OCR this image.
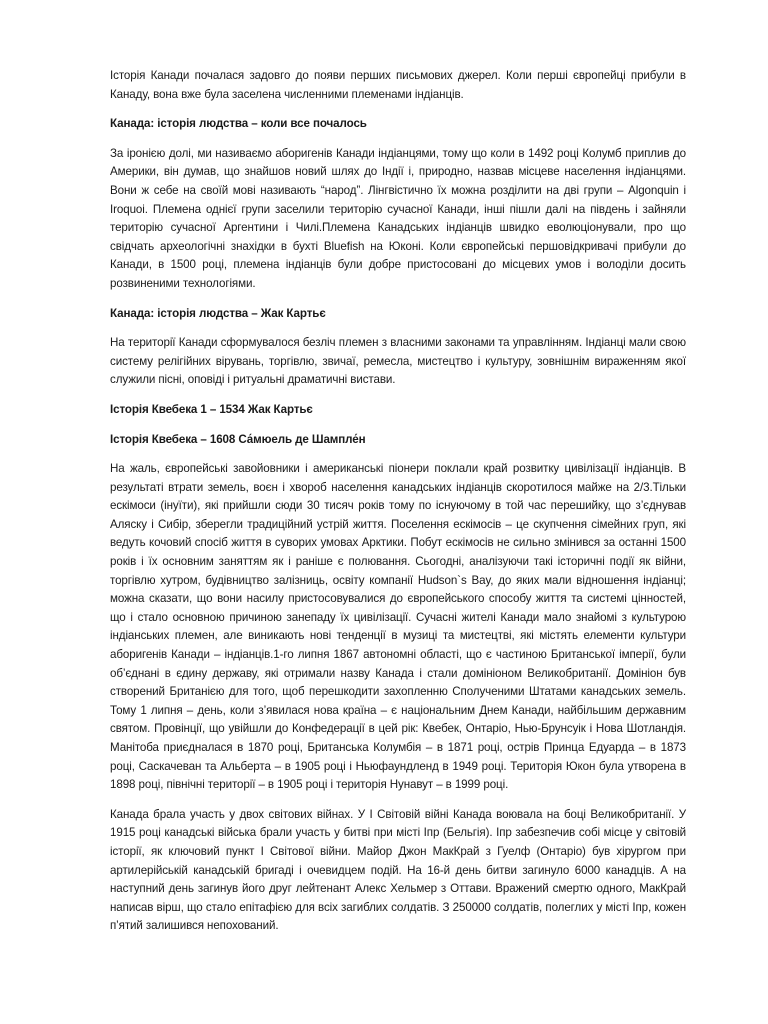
Історія Канади почалася задовго до появи перших письмових джерел. Коли перші європейці прибули в Канаду, вона вже була заселена численними племенами індіанців.

Канада: історія людства – коли все почалось

За іронією долі, ми називаємо аборигенів Канади індіанцями, тому що коли в 1492 році Колумб приплив до Америки, він думав, що знайшов новий шлях до Індії і, природно, назвав місцеве населення індіанцями. Вони ж себе на своїй мові називають “народ”. Лінгвістично їх можна розділити на дві групи – Algonquin і Iroquoi. Племена однієї групи заселили територію сучасної Канади, інші пішли далі на південь і зайняли територію сучасної Аргентини і Чилі.Племена Канадських індіанців швидко еволюціонували, про що свідчать археологічні знахідки в бухті Bluefish на Юконі. Коли європейські першовідкривачі прибули до Канади, в 1500 році, племена індіанців були добре пристосовані до місцевих умов і володіли досить розвиненими технологіями.

Канада: історія людства – Жак Картьє

На території Канади сформувалося безліч племен з власними законами та управлінням. Індіанці мали свою систему релігійних вірувань, торгівлю, звичаї, ремесла, мистецтво і культуру, зовнішнім вираженням якої служили пісні, оповіді і ритуальні драматичні вистави.

Історія Квебека 1 – 1534 Жак Картьє

Історія Квебека – 1608 Са́мюель де Шампле́н

На жаль, європейські завойовники і американські піонери поклали край розвитку цивілізації індіанців. В результаті втрати земель, воєн і хвороб населення канадських індіанців скоротилося майже на 2/3.Тільки ескімоси (інуїти), які прийшли сюди 30 тисяч років тому по існуючому в той час перешийку, що з’єднував Аляску і Сибір, зберегли традиційний устрій життя. Поселення ескімосів – це скупчення сімейних груп, які ведуть кочовий спосіб життя в суворих умовах Арктики. Побут ескімосів не сильно змінився за останні 1500 років і їх основним заняттям як і раніше є полювання. Сьогодні, аналізуючи такі історичні події як війни, торгівлю хутром, будівництво залізниць, освіту компанії Hudson`s Bay, до яких мали відношення індіанці; можна сказати, що вони насилу пристосовувалися до європейського способу життя та системі цінностей, що і стало основною причиною занепаду їх цивілізації. Сучасні жителі Канади мало знайомі з культурою індіанських племен, але виникають нові тенденції в музиці та мистецтві, які містять елементи культури аборигенів Канади – індіанців.1-го липня 1867 автономні області, що є частиною Британської імперії, були об’єднані в єдину державу, які отримали назву Канада і стали домініоном Великобританії. Домініон був створений Британією для того, щоб перешкодити захопленню Сполученими Штатами канадських земель. Тому 1 липня – день, коли з’явилася нова країна – є національним Днем Канади, найбільшим державним святом. Провінції, що увійшли до Конфедерації в цей рік: Квебек, Онтаріо, Нью-Брунсуік і Нова Шотландія. Манітоба приєдналася в 1870 році, Британська Колумбія – в 1871 році, острів Принца Едуарда – в 1873 році, Саскачеван та Альберта – в 1905 році і Ньюфаундленд в 1949 році. Територія Юкон була утворена в 1898 році, північні території – в 1905 році і територія Нунавут – в 1999 році.

Канада брала участь у двох світових війнах. У І Світовій війні Канада воювала на боці Великобританії. У 1915 році канадські війська брали участь у битві при місті Іпр (Бельгія). Іпр забезпечив собі місце у світовій історії, як ключовий пункт І Світової війни. Майор Джон МакКрай з Гуелф (Онтаріо) був хірургом при артилерійській канадській бригаді і очевидцем подій. На 16-й день битви загинуло 6000 канадців. А на наступний день загинув його друг лейтенант Алекс Хельмер з Оттави. Вражений смертю одного, МакКрай написав вірш, що стало епітафією для всіх загиблих солдатів. З 250000 солдатів, полеглих у місті Іпр, кожен п’ятий залишився непохований.
